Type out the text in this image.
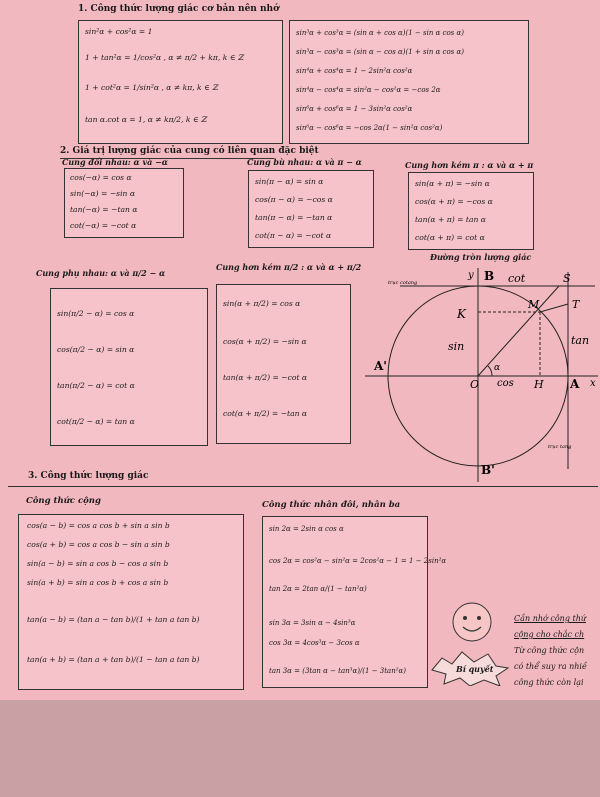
1. Công thức lượng giác cơ bản nên nhớ
sin²α + cos²α = 1
1 + tan²α = 1/cos²α , α ≠ π/2 + kπ, k ∈ ℤ
1 + cot²α = 1/sin²α , α ≠ kπ, k ∈ ℤ
tan α.cot α = 1, α ≠ kπ/2, k ∈ ℤ
sin³α + cos³α = (sin α + cos α)(1 − sin α cos α)
sin³α − cos³α = (sin α − cos α)(1 + sin α cos α)
sin⁴α + cos⁴α = 1 − 2sin²α cos²α
sin⁴α − cos⁴α = sin²α − cos²α = −cos 2α
sin⁶α + cos⁶α = 1 − 3sin²α cos²α
sin⁶α − cos⁶α = −cos 2α(1 − sin²α cos²α)
2. Giá trị lượng giác của cung có liên quan đặc biệt
Cung đối nhau: α và −α
cos(−α) = cos α
sin(−α) = −sin α
tan(−α) = −tan α
cot(−α) = −cot α
Cung bù nhau: α và π − α
sin(π − α) = sin α
cos(π − α) = −cos α
tan(π − α) = −tan α
cot(π − α) = −cot α
Cung hơn kém π : α và α + π
sin(α + π) = −sin α
cos(α + π) = −cos α
tan(α + π) = tan α
cot(α + π) = cot α
Cung phụ nhau: α và π/2 − α
sin(π/2 − α) = cos α
cos(π/2 − α) = sin α
tan(π/2 − α) = cot α
cot(π/2 − α) = tan α
Cung hơn kém π/2 : α và α + π/2
sin(α + π/2) = cos α
cos(α + π/2) = −sin α
tan(α + π/2) = −cot α
cot(α + π/2) = −tan α
Đường tròn lượng giác
B
B'
A'
A
O
K
M	T
S
H
cot
tan
sin
cos
α
x
y
trục cotang
trục tang
3. Công thức lượng giác
Công thức cộng
cos(a − b) = cos a cos b + sin a sin b
cos(a + b) = cos a cos b − sin a sin b
sin(a − b) = sin a cos b − cos a sin b
sin(a + b) = sin a cos b + cos a sin b
tan(a − b) = (tan a − tan b)/(1 + tan a tan b)
tan(a + b) = (tan a + tan b)/(1 − tan a tan b)
Công thức nhân đôi, nhân ba
sin 2α = 2sin α cos α
cos 2α = cos²α − sin²α = 2cos²α − 1 = 1 − 2sin²α
tan 2α = 2tan α/(1 − tan²α)
sin 3α = 3sin α − 4sin³α
cos 3α = 4cos³α − 3cos α
tan 3α = (3tan α − tan³α)/(1 − 3tan²α)	Bí quyết
Cần nhớ công thứ
cộng cho chắc ch
Từ công thức cộn
có thể suy ra nhiề
công thức còn lại
